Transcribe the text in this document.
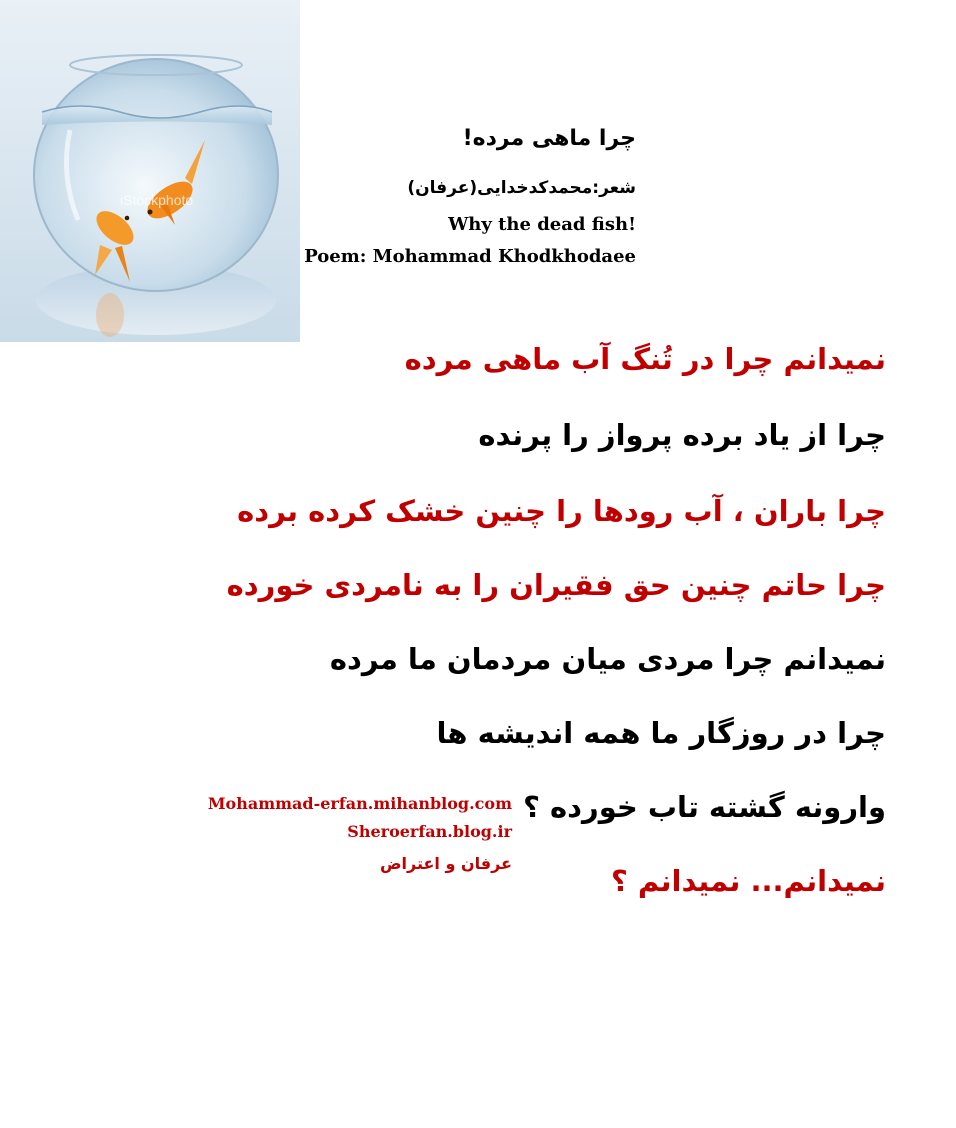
iStockphoto
چرا ماهی مرده!
شعر:محمدکدخدایی(عرفان)
Why the dead fish!
Poem: Mohammad Khodkhodaee
نمیدانم چرا در تُنگ آب ماهی مرده
چرا از یاد برده پرواز را پرنده
چرا باران ، آب رودها را چنین خشک کرده برده
چرا حاتم چنین حق فقیران را به نامردی خورده
نمیدانم چرا مردی میان مردمان ما مرده
چرا در روزگار ما همه اندیشه ها
وارونه گشته تاب خورده ؟
نمیدانم... نمیدانم ؟
Mohammad-erfan.mihanblog.com
Sheroerfan.blog.ir
عرفان و اعتراض
